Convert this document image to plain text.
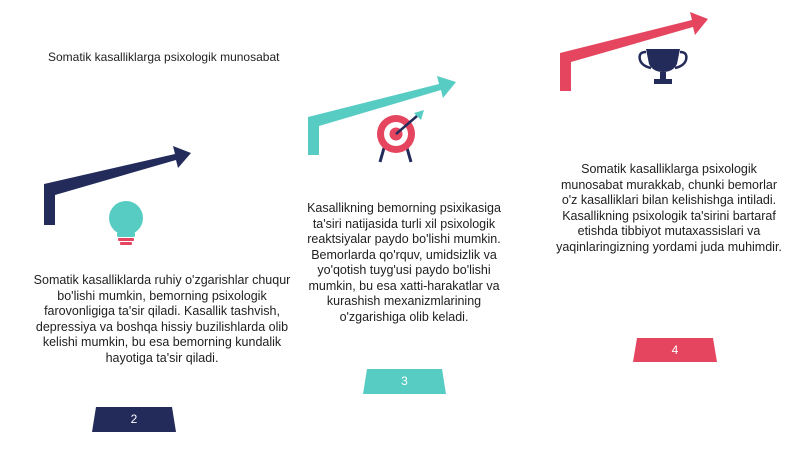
Somatik kasalliklarga psixologik munosabat
Somatik kasalliklarda ruhiy o'zgarishlar chuqur bo'lishi mumkin, bemorning psixologik farovonligiga ta'sir qiladi. Kasallik tashvish, depressiya va boshqa hissiy buzilishlarda olib kelishi mumkin, bu esa bemorning kundalik hayotiga ta'sir qiladi.
Kasallikning bemorning psixikasiga ta'siri natijasida turli xil psixologik reaktsiyalar paydo bo'lishi mumkin. Bemorlarda qo'rquv, umidsizlik va yo'qotish tuyg'usi paydo bo'lishi mumkin, bu esa xatti-harakatlar va kurashish mexanizmlarining o'zgarishiga olib keladi.
Somatik kasalliklarga psixologik munosabat murakkab, chunki bemorlar o'z kasalliklari bilan kelishishga intiladi. Kasallikning psixologik ta'sirini bartaraf etishda tibbiyot mutaxassislari va yaqinlaringizning yordami juda muhimdir.
2
3
4
